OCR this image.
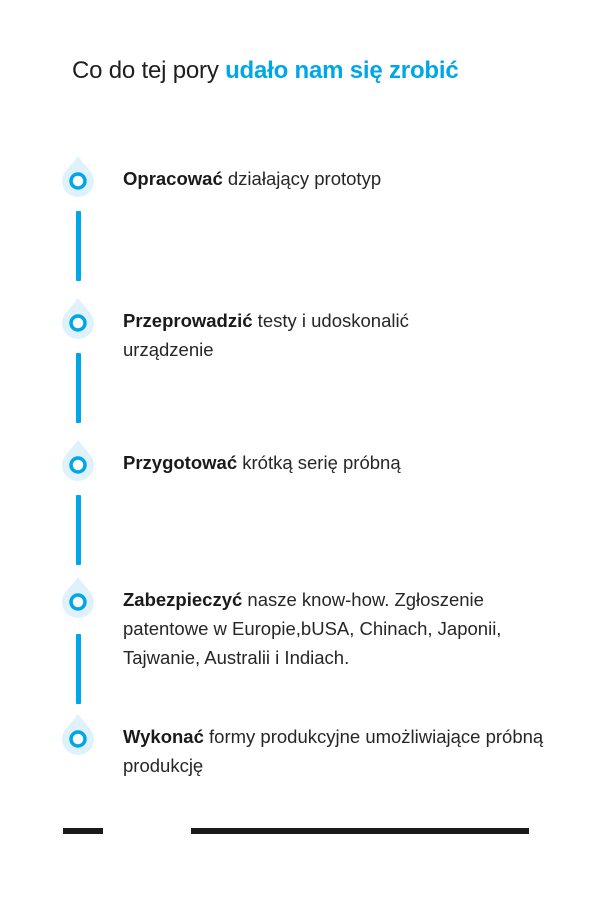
Co do tej pory udało nam się zrobić
Opracować działający prototyp
Przeprowadzić testy i udoskonalić urządzenie
Przygotować krótką serię próbną
Zabezpieczyć nasze know-how. Zgłoszenie patentowe w Europie,bUSA, Chinach, Japonii, Tajwanie, Australii i Indiach.
Wykonać formy produkcyjne umożliwiające próbną produkcję
